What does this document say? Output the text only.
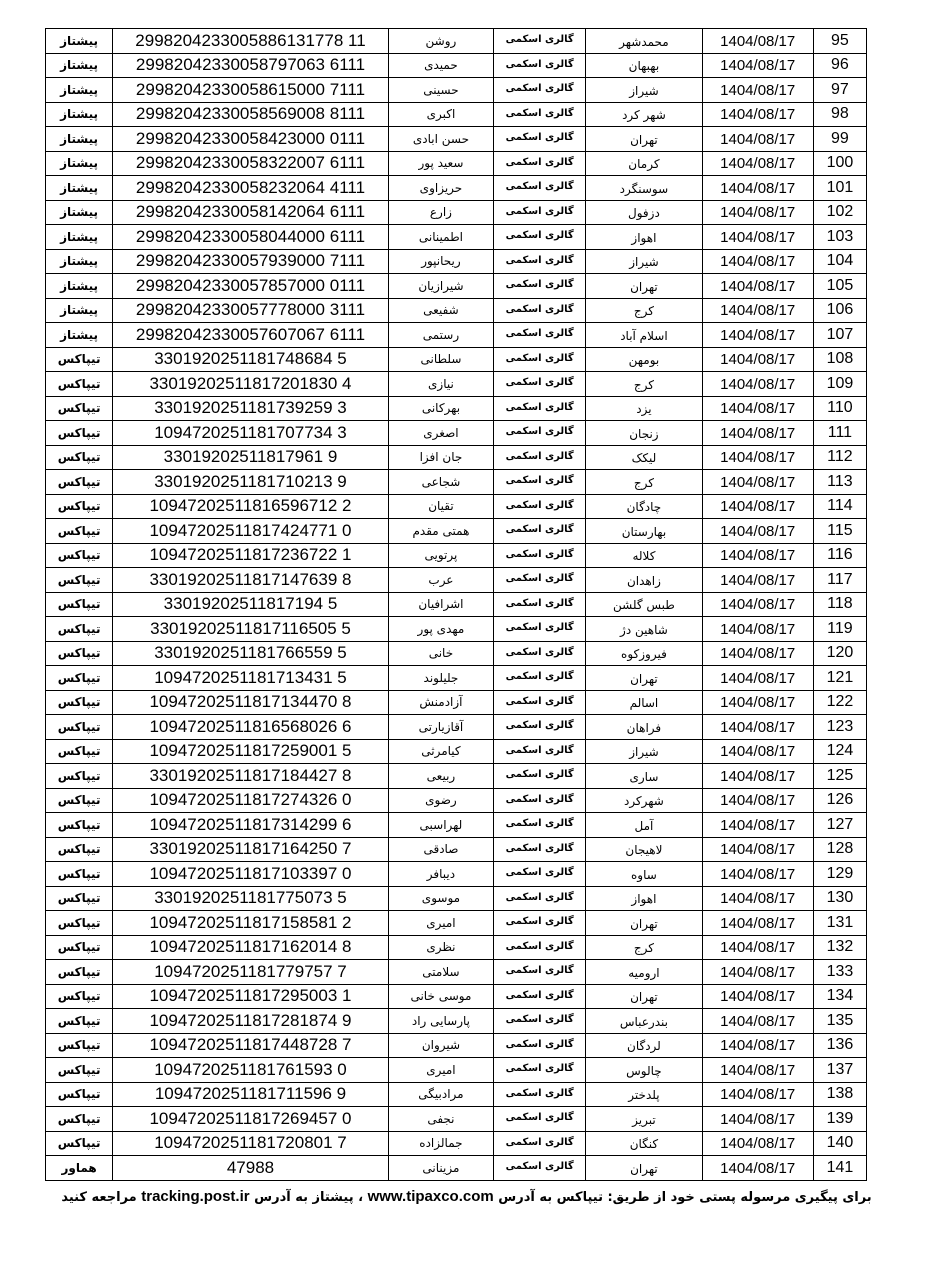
پیشتاز	2998204233005886131778 11	روشن	گالری اسکمی	محمدشهر	1404/08/17	95
پیشتاز	29982042330058797063 6111	حمیدی	گالری اسکمی	بهبهان	1404/08/17	96
پیشتاز	29982042330058615000 7111	حسینی	گالری اسکمی	شیراز	1404/08/17	97
پیشتاز	29982042330058569008 8111	اکبری	گالری اسکمی	شهر کرد	1404/08/17	98
پیشتاز	29982042330058423000 0111	حسن ابادی	گالری اسکمی	تهران	1404/08/17	99
پیشتاز	29982042330058322007 6111	سعید پور	گالری اسکمی	کرمان	1404/08/17	100
پیشتاز	29982042330058232064 4111	حریزاوی	گالری اسکمی	سوسنگرد	1404/08/17	101
پیشتاز	29982042330058142064 6111	زارع	گالری اسکمی	دزفول	1404/08/17	102
پیشتاز	29982042330058044000 6111	اطمینانی	گالری اسکمی	اهواز	1404/08/17	103
پیشتاز	29982042330057939000 7111	ریحانپور	گالری اسکمی	شیراز	1404/08/17	104
پیشتاز	29982042330057857000 0111	شیرازیان	گالری اسکمی	تهران	1404/08/17	105
پیشتاز	29982042330057778000 3111	شفیعی	گالری اسکمی	کرج	1404/08/17	106
پیشتاز	29982042330057607067 6111	رستمی	گالری اسکمی	اسلام آباد	1404/08/17	107
تیپاکس	3301920251181748684 5	سلطانی	گالری اسکمی	بومهن	1404/08/17	108
تیپاکس	33019202511817201830 4	نیازی	گالری اسکمی	کرج	1404/08/17	109
تیپاکس	3301920251181739259 3	بهرکانی	گالری اسکمی	یزد	1404/08/17	110
تیپاکس	1094720251181707734 3	اصغری	گالری اسکمی	زنجان	1404/08/17	111
تیپاکس	33019202511817961 9	جان افزا	گالری اسکمی	لیکک	1404/08/17	112
تیپاکس	3301920251181710213 9	شجاعی	گالری اسکمی	کرج	1404/08/17	113
تیپاکس	10947202511816596712 2	تقیان	گالری اسکمی	چادگان	1404/08/17	114
تیپاکس	10947202511817424771 0	همتی مقدم	گالری اسکمی	بهارستان	1404/08/17	115
تیپاکس	10947202511817236722 1	پرتویی	گالری اسکمی	کلاله	1404/08/17	116
تیپاکس	33019202511817147639 8	عرب	گالری اسکمی	زاهدان	1404/08/17	117
تیپاکس	33019202511817194 5	اشرافیان	گالری اسکمی	طبس گلشن	1404/08/17	118
تیپاکس	33019202511817116505 5	مهدی پور	گالری اسکمی	شاهین دژ	1404/08/17	119
تیپاکس	3301920251181766559 5	خانی	گالری اسکمی	فیروزکوه	1404/08/17	120
تیپاکس	1094720251181713431 5	جلیلوند	گالری اسکمی	تهران	1404/08/17	121
تیپاکس	10947202511817134470 8	آزادمنش	گالری اسکمی	اسالم	1404/08/17	122
تیپاکس	10947202511816568026 6	آقازیارتی	گالری اسکمی	فراهان	1404/08/17	123
تیپاکس	10947202511817259001 5	کیامرثی	گالری اسکمی	شیراز	1404/08/17	124
تیپاکس	33019202511817184427 8	ربیعی	گالری اسکمی	ساری	1404/08/17	125
تیپاکس	10947202511817274326 0	رضوی	گالری اسکمی	شهرکرد	1404/08/17	126
تیپاکس	10947202511817314299 6	لهراسبی	گالری اسکمی	آمل	1404/08/17	127
تیپاکس	33019202511817164250 7	صادقی	گالری اسکمی	لاهیجان	1404/08/17	128
تیپاکس	10947202511817103397 0	دیبافر	گالری اسکمی	ساوه	1404/08/17	129
تیپاکس	3301920251181775073 5	موسوی	گالری اسکمی	اهواز	1404/08/17	130
تیپاکس	10947202511817158581 2	امیری	گالری اسکمی	تهران	1404/08/17	131
تیپاکس	10947202511817162014 8	نظری	گالری اسکمی	کرج	1404/08/17	132
تیپاکس	1094720251181779757 7	سلامتی	گالری اسکمی	ارومیه	1404/08/17	133
تیپاکس	10947202511817295003 1	موسی خانی	گالری اسکمی	تهران	1404/08/17	134
تیپاکس	10947202511817281874 9	پارسایی راد	گالری اسکمی	بندرعباس	1404/08/17	135
تیپاکس	10947202511817448728 7	شیروان	گالری اسکمی	لردگان	1404/08/17	136
تیپاکس	1094720251181761593 0	امیری	گالری اسکمی	چالوس	1404/08/17	137
تیپاکس	1094720251181711596 9	مرادبیگی	گالری اسکمی	پلدختر	1404/08/17	138
تیپاکس	10947202511817269457 0	نجفی	گالری اسکمی	تبریز	1404/08/17	139
تیپاکس	1094720251181720801 7	جمالزاده	گالری اسکمی	کنگان	1404/08/17	140
هماور	47988	مزینانی	گالری اسکمی	تهران	1404/08/17	141
برای پیگیری مرسوله پستی خود از طریق: تیپاکس به آدرس www.tipaxco.com ، پیشتاز به آدرس tracking.post.ir مراجعه کنید
